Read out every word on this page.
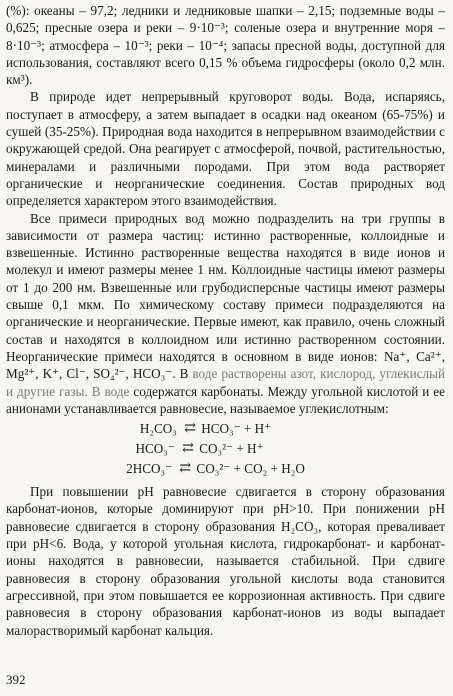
(%): океаны – 97,2; ледники и ледниковые шапки – 2,15; подземные воды – 0,625; пресные озера и реки – 9·10⁻³; соленые озера и внутренние моря – 8·10⁻³; атмосфера – 10⁻³; реки – 10⁻⁴; запасы пресной воды, доступной для использования, составляют всего 0,15 % объема гидросферы (около 0,2 млн. км³).

В природе идет непрерывный круговорот воды. Вода, испаряясь, поступает в атмосферу, а затем выпадает в осадки над океаном (65-75%) и сушей (35-25%). Природная вода находится в непрерывном взаимодействии с окружающей средой. Она реагирует с атмосферой, почвой, растительностью, минералами и различными породами. При этом вода растворяет органические и неорганические соединения. Состав природных вод определяется характером этого взаимодействия.

Все примеси природных вод можно подразделить на три группы в зависимости от размера частиц: истинно растворенные, коллоидные и взвешенные. Истинно растворенные вещества находятся в виде ионов и молекул и имеют размеры менее 1 нм. Коллоидные частицы имеют размеры от 1 до 200 нм. Взвешенные или грубодисперсные частицы имеют размеры свыше 0,1 мкм. По химическому составу примеси подразделяются на органические и неорганические. Первые имеют, как правило, очень сложный состав и находятся в коллоидном или истинно растворенном состоянии. Неорганические примеси находятся в основном в виде ионов: Na⁺, Ca²⁺, Mg²⁺, K⁺, Cl⁻, SO₄²⁻, HCO₃⁻. В воде растворены азот, кислород, углекислый и другие газы. В воде содержатся карбонаты. Между угольной кислотой и ее анионами устанавливается равновесие, называемое углекислотным:

H₂CO₃ ⇄ HCO₃⁻ + H⁺
HCO₃⁻ ⇄ CO₃²⁻ + H⁺
2HCO₃⁻ ⇄ CO₃²⁻ + CO₂ + H₂O

При повышении pH равновесие сдвигается в сторону образования карбонат-ионов, которые доминируют при pH>10. При понижении pH равновесие сдвигается в сторону образования H₂CO₃, которая преваливает при pH<6. Вода, у которой угольная кислота, гидрокарбонат- и карбонат-ионы находятся в равновесии, называется стабильной. При сдвиге равновесия в сторону образования угольной кислоты вода становится агрессивной, при этом повышается ее коррозионная активность. При сдвиге равновесия в сторону образования карбонат-ионов из воды выпадает малорастворимый карбонат кальция.

392
